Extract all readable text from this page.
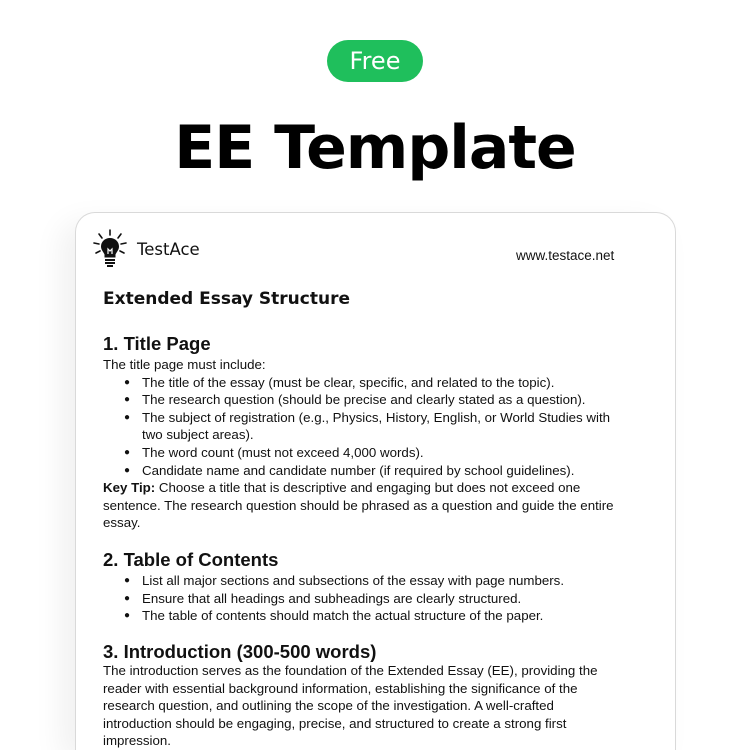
Free
EE Template
TestAce	www.testace.net
Extended Essay Structure
1. Title Page
The title page must include:
● The title of the essay (must be clear, specific, and related to the topic).
● The research question (should be precise and clearly stated as a question).
● The subject of registration (e.g., Physics, History, English, or World Studies with
two subject areas).
● The word count (must not exceed 4,000 words).
● Candidate name and candidate number (if required by school guidelines).
Key Tip: Choose a title that is descriptive and engaging but does not exceed one
sentence. The research question should be phrased as a question and guide the entire
essay.
2. Table of Contents
● List all major sections and subsections of the essay with page numbers.
● Ensure that all headings and subheadings are clearly structured.
● The table of contents should match the actual structure of the paper.
3. Introduction (300-500 words)
The introduction serves as the foundation of the Extended Essay (EE), providing the
reader with essential background information, establishing the significance of the
research question, and outlining the scope of the investigation. A well-crafted
introduction should be engaging, precise, and structured to create a strong first
impression.
